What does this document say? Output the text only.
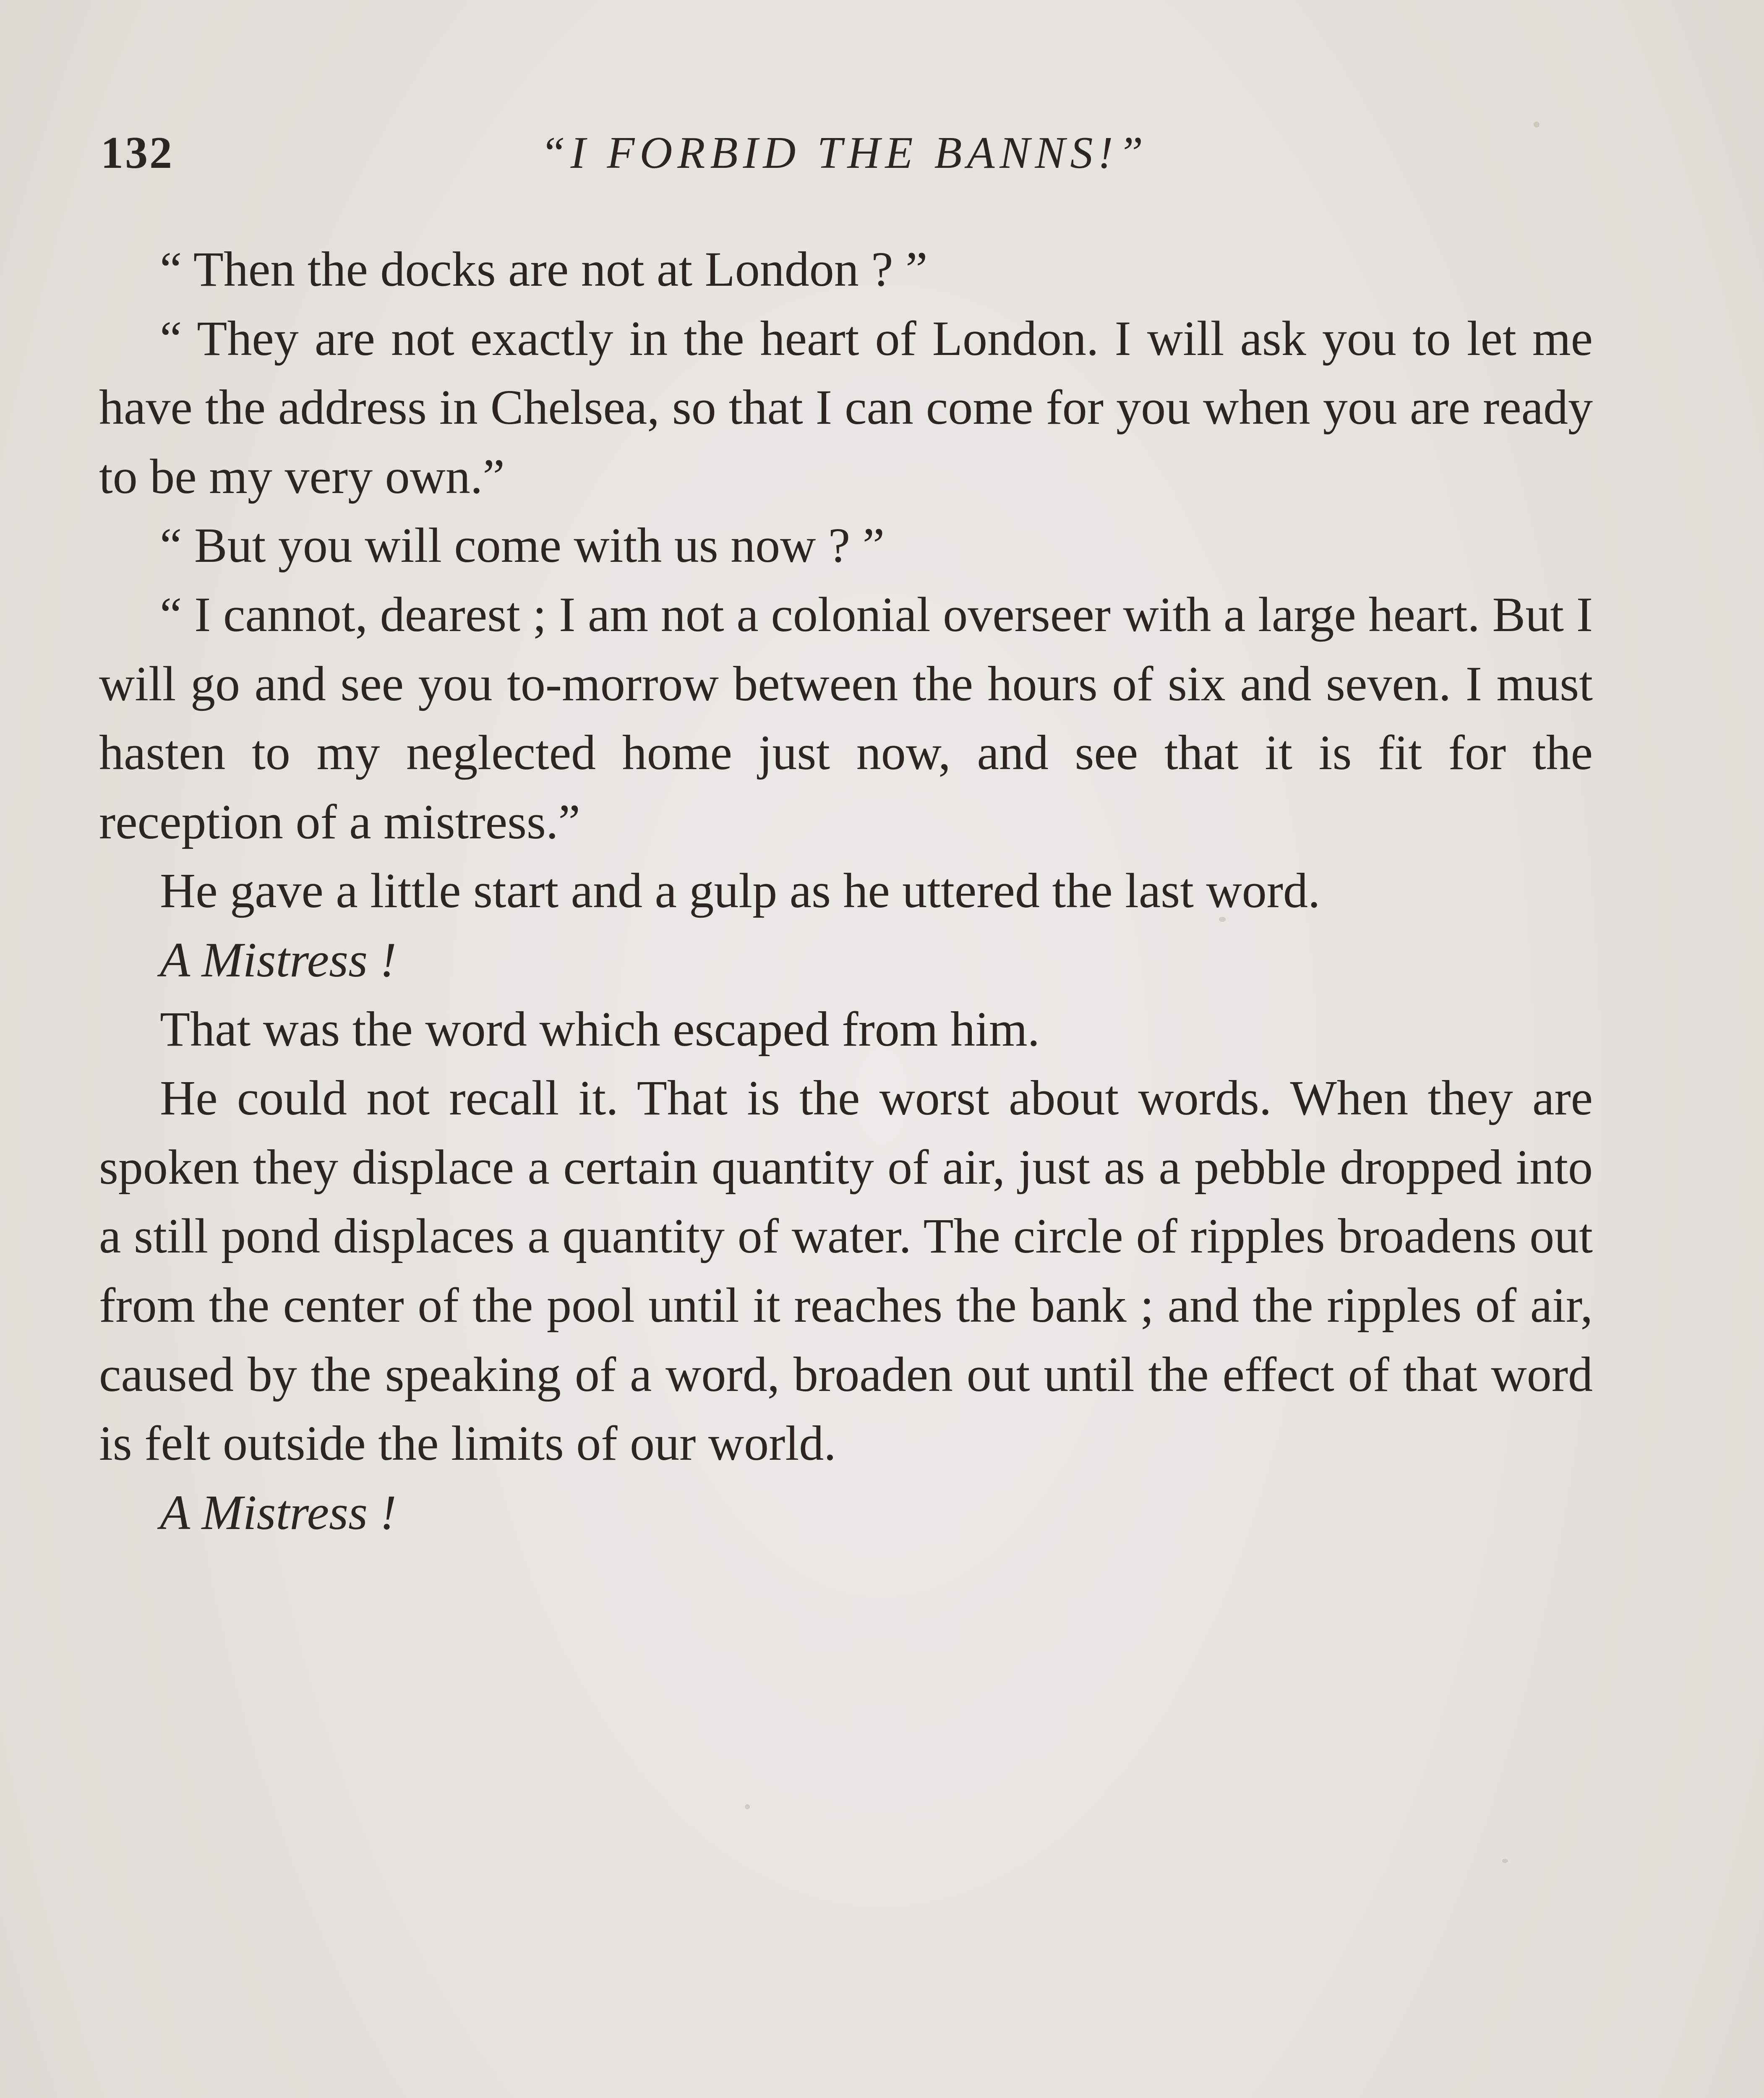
132	“I FORBID THE BANNS!”

“ Then the docks are not at London ? ”

“ They are not exactly in the heart of London. I will ask you to let me have the address in Chelsea, so that I can come for you when you are ready to be my very own.”

“ But you will come with us now ? ”

“ I cannot, dearest ; I am not a colonial overseer with a large heart. But I will go and see you to-morrow between the hours of six and seven. I must hasten to my neglected home just now, and see that it is fit for the reception of a mistress.”

He gave a little start and a gulp as he uttered the last word.

A Mistress !

That was the word which escaped from him.

He could not recall it. That is the worst about words. When they are spoken they displace a certain quantity of air, just as a pebble dropped into a still pond displaces a quantity of water. The circle of ripples broadens out from the center of the pool until it reaches the bank ; and the ripples of air, caused by the speaking of a word, broaden out until the effect of that word is felt outside the limits of our world.

A Mistress !
